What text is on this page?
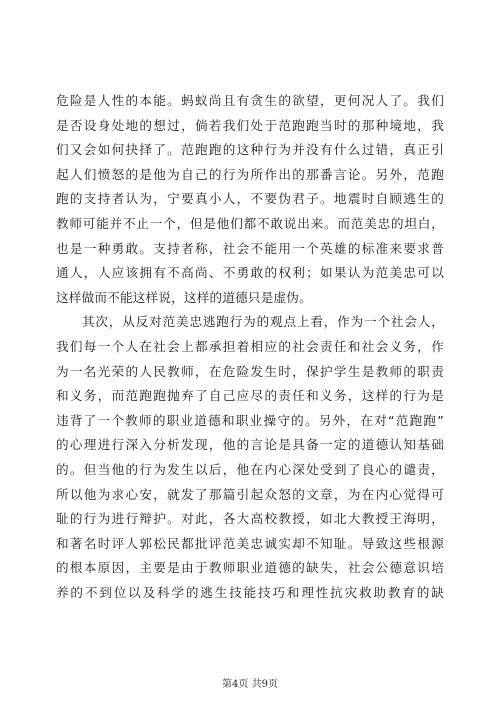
危险是人性的本能。蚂蚁尚且有贪生的欲望，更何况人了。我们
是否设身处地的想过，倘若我们处于范跑跑当时的那种境地，我
们又会如何抉择了。范跑跑的这种行为并没有什么过错，真正引
起人们愤怒的是他为自己的行为所作出的那番言论。另外，范跑
跑的支持者认为，宁要真小人，不要伪君子。地震时自顾逃生的
教师可能并不止一个，但是他们都不敢说出来。而范美忠的坦白，
也是一种勇敢。支持者称，社会不能用一个英雄的标准来要求普
通人，人应该拥有不高尚、不勇敢的权利；如果认为范美忠可以
这样做而不能这样说，这样的道德只是虚伪。
其次，从反对范美忠逃跑行为的观点上看，作为一个社会人，
我们每一个人在社会上都承担着相应的社会责任和社会义务，作
为一名光荣的人民教师，在危险发生时，保护学生是教师的职责
和义务，而范跑跑抛弃了自己应尽的责任和义务，这样的行为是
违背了一个教师的职业道德和职业操守的。另外，在对“范跑跑”
的心理进行深入分析发现，他的言论是具备一定的道德认知基础
的。但当他的行为发生以后，他在内心深处受到了良心的谴责，
所以他为求心安，就发了那篇引起众怒的文章，为在内心觉得可
耻的行为进行辩护。对此，各大高校教授，如北大教授王海明，
和著名时评人郭松民都批评范美忠诚实却不知耻。导致这些根源
的根本原因，主要是由于教师职业道德的缺失，社会公德意识培
养的不到位以及科学的逃生技能技巧和理性抗灾救助教育的缺
第4页 共9页
